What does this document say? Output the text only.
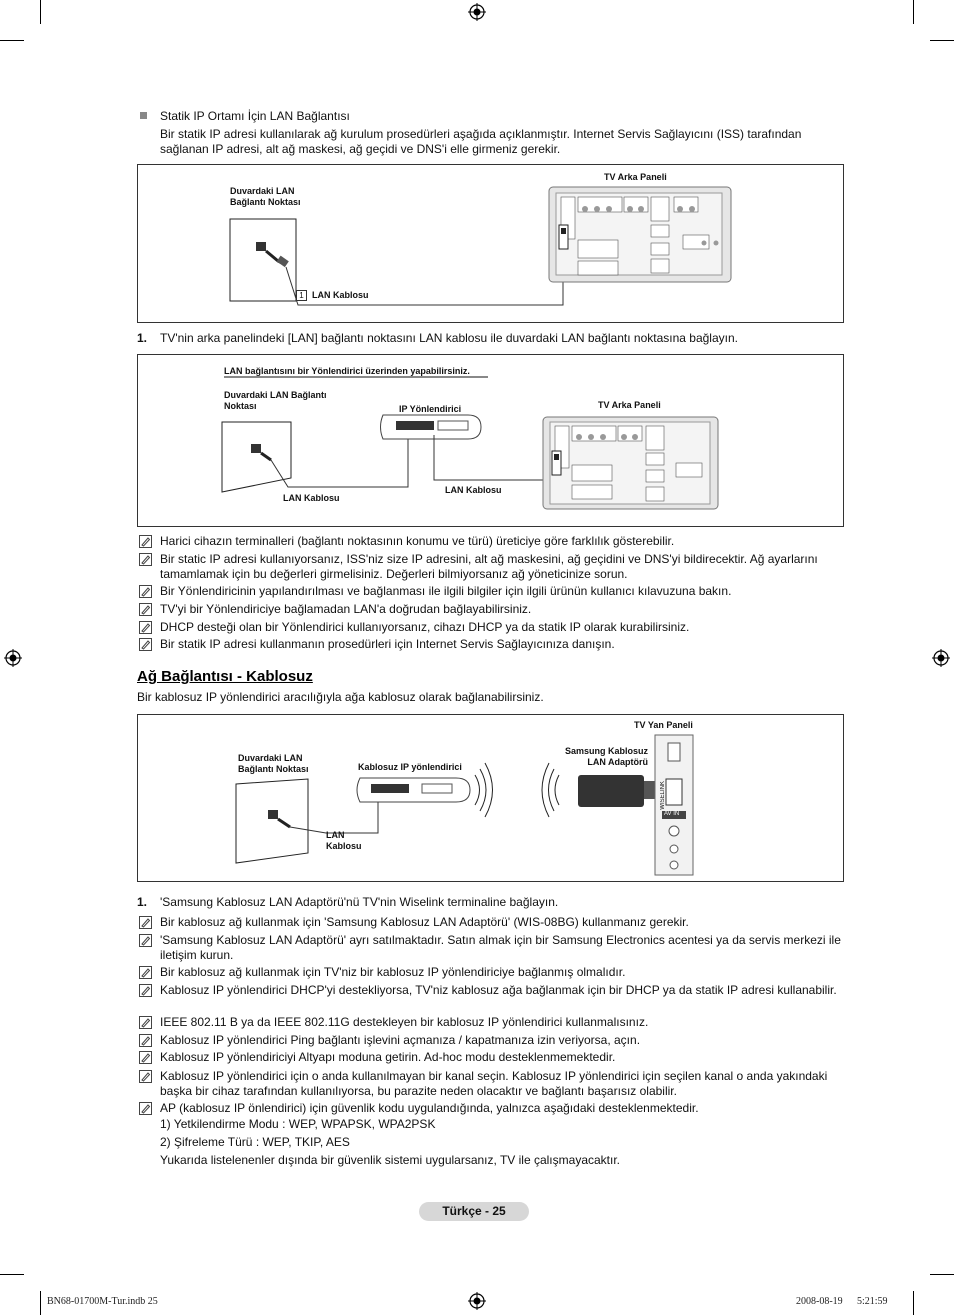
Statik IP Ortamı İçin LAN Bağlantısı
Bir statik IP adresi kullanılarak ağ kurulum prosedürleri aşağıda açıklanmıştır. Internet Servis Sağlayıcını (ISS) tarafından sağlanan IP adresi, alt ağ maskesi, ağ geçidi ve DNS'i elle girmeniz gerekir.
TV Arka Paneli
Duvardaki LAN Bağlantı Noktası
1 LAN Kablosu
1. TV'nin arka panelindeki [LAN] bağlantı noktasını LAN kablosu ile duvardaki LAN bağlantı noktasına bağlayın.
LAN bağlantısını bir Yönlendirici üzerinden yapabilirsiniz.
Duvardaki LAN Bağlantı Noktası	IP Yönlendirici	TV Arka Paneli
LAN Kablosu
LAN Kablosu
Harici cihazın terminalleri (bağlantı noktasının konumu ve türü) üreticiye göre farklılık gösterebilir.
Bir static IP adresi kullanıyorsanız, ISS'niz size IP adresini, alt ağ maskesini, ağ geçidini ve DNS'yi bildirecektir. Ağ ayarlarını tamamlamak için bu değerleri girmelisiniz. Değerleri bilmiyorsanız ağ yöneticinize sorun.
Bir Yönlendiricinin yapılandırılması ve bağlanması ile ilgili bilgiler için ilgili ürünün kullanıcı kılavuzuna bakın.
TV'yi bir Yönlendiriciye bağlamadan LAN'a doğrudan bağlayabilirsiniz.
DHCP desteği olan bir Yönlendirici kullanıyorsanız, cihazı DHCP ya da statik IP olarak kurabilirsiniz.
Bir statik IP adresi kullanmanın prosedürleri için Internet Servis Sağlayıcınıza danışın.
Ağ Bağlantısı - Kablosuz
Bir kablosuz IP yönlendirici aracılığıyla ağa kablosuz olarak bağlanabilirsiniz.
TV Yan Paneli
Duvardaki LAN Bağlantı Noktası	Kablosuz IP yönlendirici
Samsung Kablosuz LAN Adaptörü
LAN Kablosu
WISELINK
AV IN
1. 'Samsung Kablosuz LAN Adaptörü'nü TV'nin Wiselink terminaline bağlayın.
Bir kablosuz ağ kullanmak için 'Samsung Kablosuz LAN Adaptörü' (WIS-08BG) kullanmanız gerekir.
'Samsung Kablosuz LAN Adaptörü' ayrı satılmaktadır. Satın almak için bir Samsung Electronics acentesi ya da servis merkezi ile iletişim kurun.
Bir kablosuz ağ kullanmak için TV'niz bir kablosuz IP yönlendiriciye bağlanmış olmalıdır.
Kablosuz IP yönlendirici DHCP'yi destekliyorsa, TV'niz kablosuz ağa bağlanmak için bir DHCP ya da statik IP adresi kullanabilir.
IEEE 802.11 B ya da IEEE 802.11G destekleyen bir kablosuz IP yönlendirici kullanmalısınız.
Kablosuz IP yönlendirici Ping bağlantı işlevini açmanıza / kapatmanıza izin veriyorsa, açın.
Kablosuz IP yönlendiriciyi Altyapı moduna getirin. Ad-hoc modu desteklenmemektedir.
Kablosuz IP yönlendirici için o anda kullanılmayan bir kanal seçin. Kablosuz IP yönlendirici için seçilen kanal o anda yakındaki başka bir cihaz tarafından kullanılıyorsa, bu parazite neden olacaktır ve bağlantı başarısız olabilir.
AP (kablosuz IP önlendirici) için güvenlik kodu uygulandığında, yalnızca aşağıdaki desteklenmektedir.
1) Yetkilendirme Modu : WEP, WPAPSK, WPA2PSK
2) Şifreleme Türü : WEP, TKIP, AES
Yukarıda listelenenler dışında bir güvenlik sistemi uygularsanız, TV ile çalışmayacaktır.
Türkçe - 25
BN68-01700M-Tur.indb 25	2008-08-19 5:21:59
